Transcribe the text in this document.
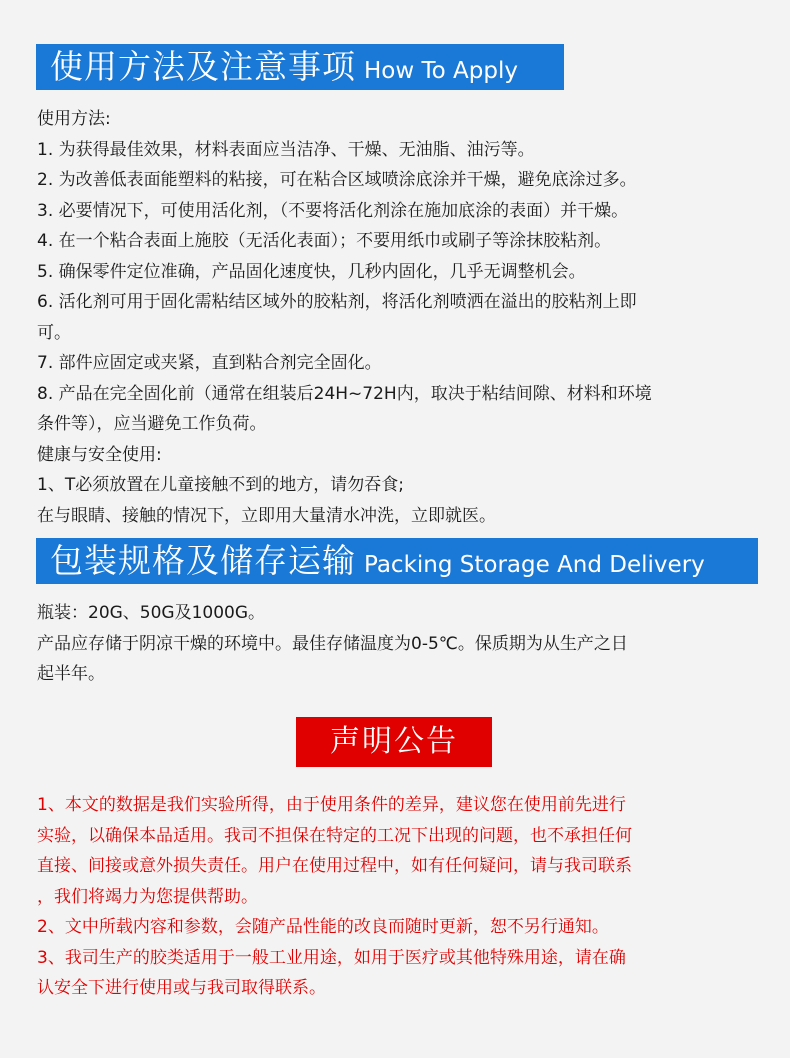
使用方法及注意事项 How To Apply
使用方法:
1. 为获得最佳效果，材料表面应当洁净、干燥、无油脂、油污等。
2. 为改善低表面能塑料的粘接，可在粘合区域喷涂底涂并干燥，避免底涂过多。
3. 必要情况下，可使用活化剂，（不要将活化剂涂在施加底涂的表面）并干燥。
4. 在一个粘合表面上施胶（无活化表面）；不要用纸巾或刷子等涂抹胶粘剂。
5. 确保零件定位准确，产品固化速度快，几秒内固化，几乎无调整机会。
6. 活化剂可用于固化需粘结区域外的胶粘剂，将活化剂喷洒在溢出的胶粘剂上即
可。
7. 部件应固定或夹紧，直到粘合剂完全固化。
8. 产品在完全固化前（通常在组装后24H~72H内，取决于粘结间隙、材料和环境
条件等），应当避免工作负荷。
健康与安全使用:
1、T必须放置在儿童接触不到的地方，请勿吞食;
在与眼睛、接触的情况下，立即用大量清水冲洗，立即就医。
包装规格及储存运输 Packing Storage And Delivery
瓶装：20G、50G及1000G。
产品应存储于阴凉干燥的环境中。最佳存储温度为0-5℃。保质期为从生产之日
起半年。
声明公告
1、本文的数据是我们实验所得，由于使用条件的差异，建议您在使用前先进行
实验，以确保本品适用。我司不担保在特定的工况下出现的问题，也不承担任何
直接、间接或意外损失责任。用户在使用过程中，如有任何疑问，请与我司联系
，我们将竭力为您提供帮助。
2、文中所载内容和参数，会随产品性能的改良而随时更新，恕不另行通知。
3、我司生产的胶类适用于一般工业用途，如用于医疗或其他特殊用途，请在确
认安全下进行使用或与我司取得联系。
